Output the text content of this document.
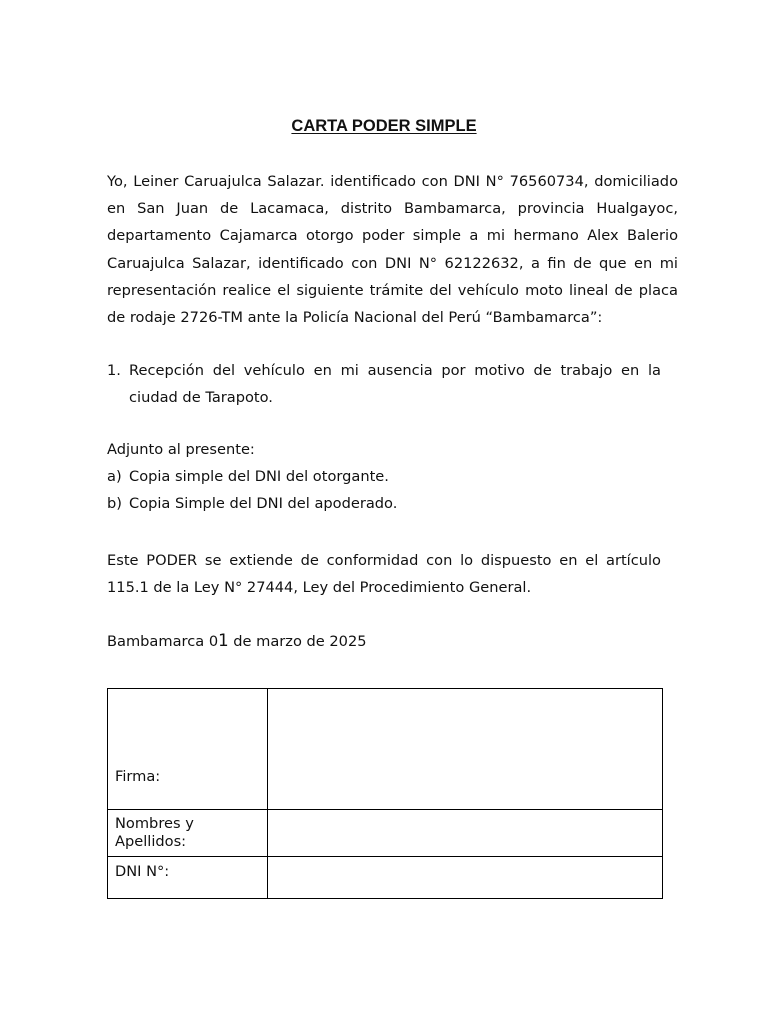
CARTA PODER SIMPLE

Yo, Leiner Caruajulca Salazar. identificado con DNI N° 76560734, domiciliado en San Juan de Lacamaca, distrito Bambamarca, provincia Hualgayoc, departamento Cajamarca otorgo poder simple a mi hermano Alex Balerio Caruajulca Salazar, identificado con DNI N° 62122632, a fin de que en mi representación realice el siguiente trámite del vehículo moto lineal de placa de rodaje 2726-TM ante la Policía Nacional del Perú “Bambamarca”:

1. Recepción del vehículo en mi ausencia por motivo de trabajo en la ciudad de Tarapoto.
Adjunto al presente:
a) Copia simple del DNI del otorgante.
b) Copia Simple del DNI del apoderado.

Este PODER se extiende de conformidad con lo dispuesto en el artículo 115.1 de la Ley N° 27444, Ley del Procedimiento General.

Bambamarca 01 de marzo de 2025
Firma:	
Nombres y
Apellidos:	
DNI N°:	
